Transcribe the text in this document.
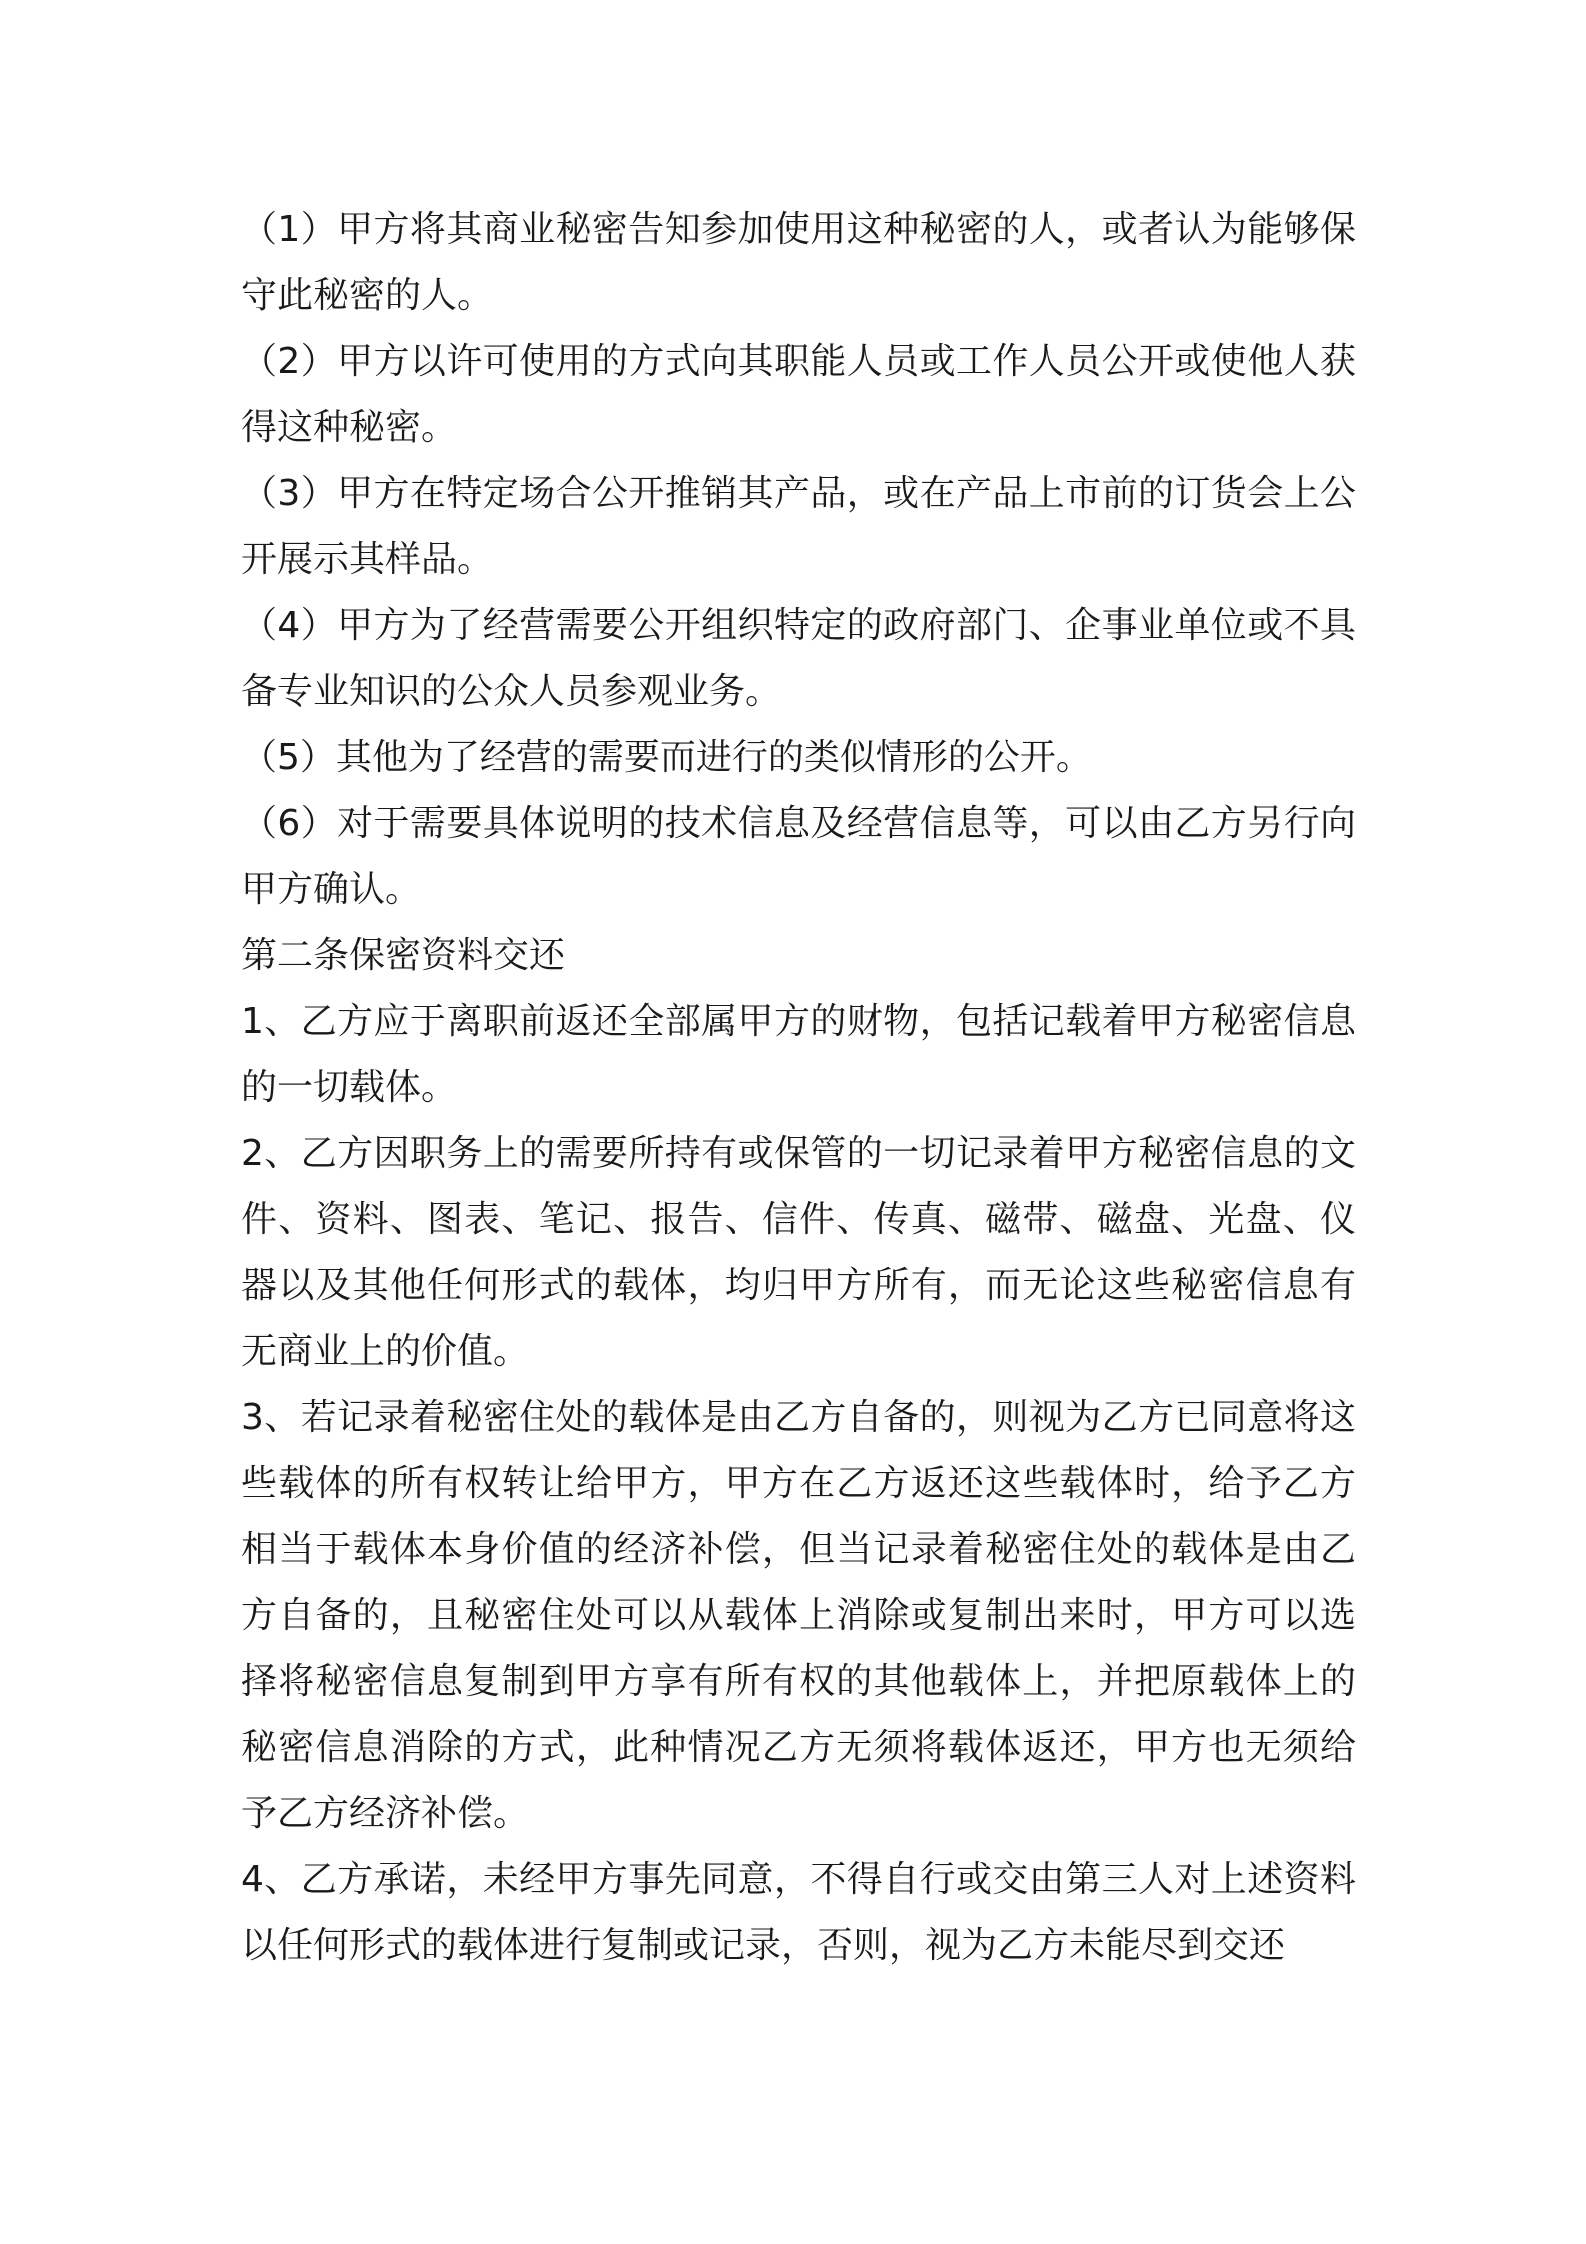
（1）甲方将其商业秘密告知参加使用这种秘密的人，或者认为能够保守此秘密的人。

（2）甲方以许可使用的方式向其职能人员或工作人员公开或使他人获得这种秘密。

（3）甲方在特定场合公开推销其产品，或在产品上市前的订货会上公开展示其样品。

（4）甲方为了经营需要公开组织特定的政府部门、企事业单位或不具备专业知识的公众人员参观业务。

（5）其他为了经营的需要而进行的类似情形的公开。

（6）对于需要具体说明的技术信息及经营信息等，可以由乙方另行向甲方确认。

第二条保密资料交还

1、乙方应于离职前返还全部属甲方的财物，包括记载着甲方秘密信息的一切载体。

2、乙方因职务上的需要所持有或保管的一切记录着甲方秘密信息的文件、资料、图表、笔记、报告、信件、传真、磁带、磁盘、光盘、仪器以及其他任何形式的载体，均归甲方所有，而无论这些秘密信息有无商业上的价值。

3、若记录着秘密住处的载体是由乙方自备的，则视为乙方已同意将这些载体的所有权转让给甲方，甲方在乙方返还这些载体时，给予乙方相当于载体本身价值的经济补偿，但当记录着秘密住处的载体是由乙方自备的，且秘密住处可以从载体上消除或复制出来时，甲方可以选择将秘密信息复制到甲方享有所有权的其他载体上，并把原载体上的秘密信息消除的方式，此种情况乙方无须将载体返还，甲方也无须给予乙方经济补偿。

4、乙方承诺，未经甲方事先同意，不得自行或交由第三人对上述资料以任何形式的载体进行复制或记录，否则，视为乙方未能尽到交还
